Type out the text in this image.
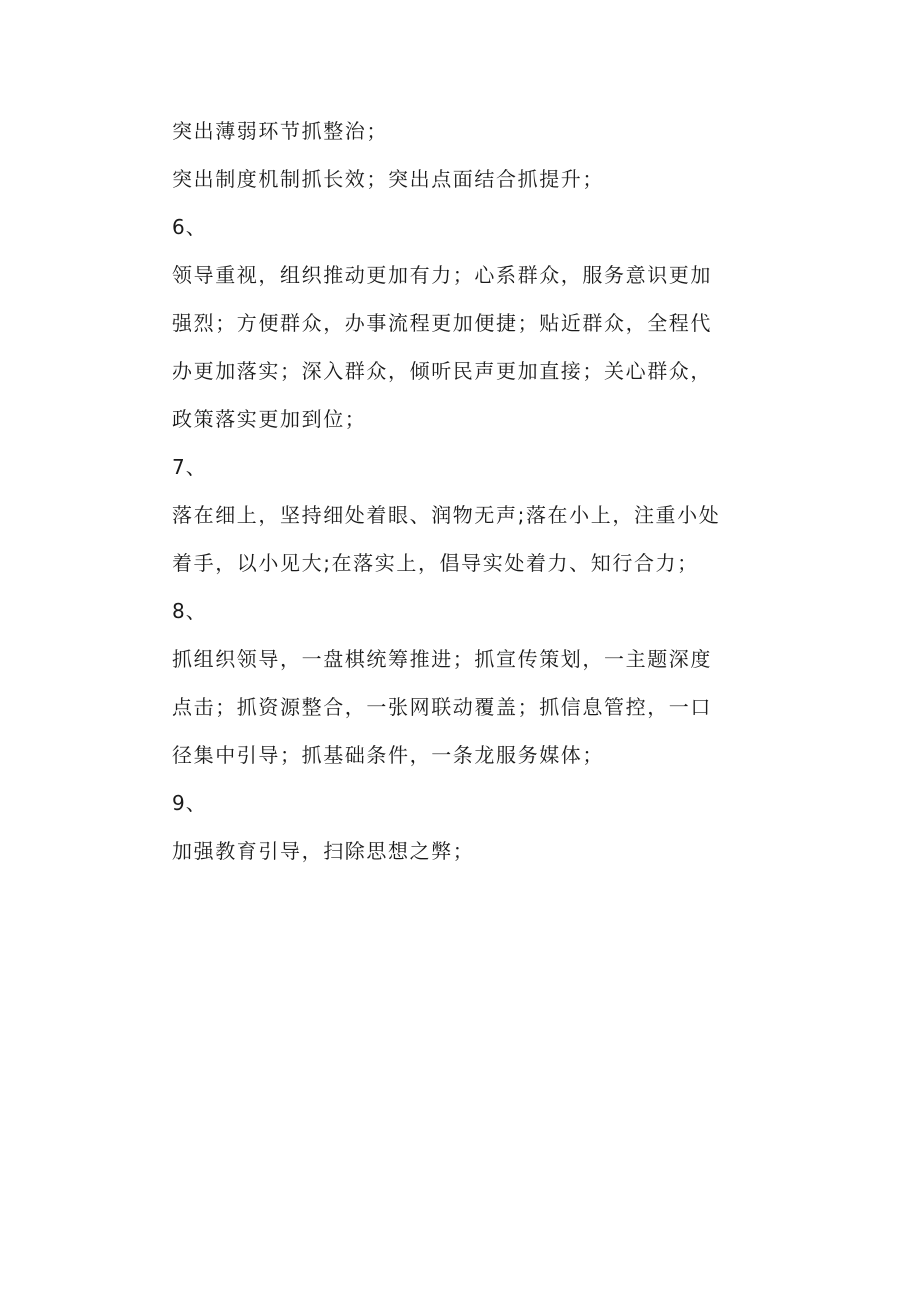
突出薄弱环节抓整治；

突出制度机制抓长效；突出点面结合抓提升；

6、

领导重视，组织推动更加有力；心系群众，服务意识更加强烈；方便群众，办事流程更加便捷；贴近群众，全程代办更加落实；深入群众，倾听民声更加直接；关心群众，政策落实更加到位；

7、

落在细上，坚持细处着眼、润物无声;落在小上，注重小处着手，以小见大;在落实上，倡导实处着力、知行合力；

8、

抓组织领导，一盘棋统筹推进；抓宣传策划，一主题深度点击；抓资源整合，一张网联动覆盖；抓信息管控，一口径集中引导；抓基础条件，一条龙服务媒体；

9、

加强教育引导，扫除思想之弊；
